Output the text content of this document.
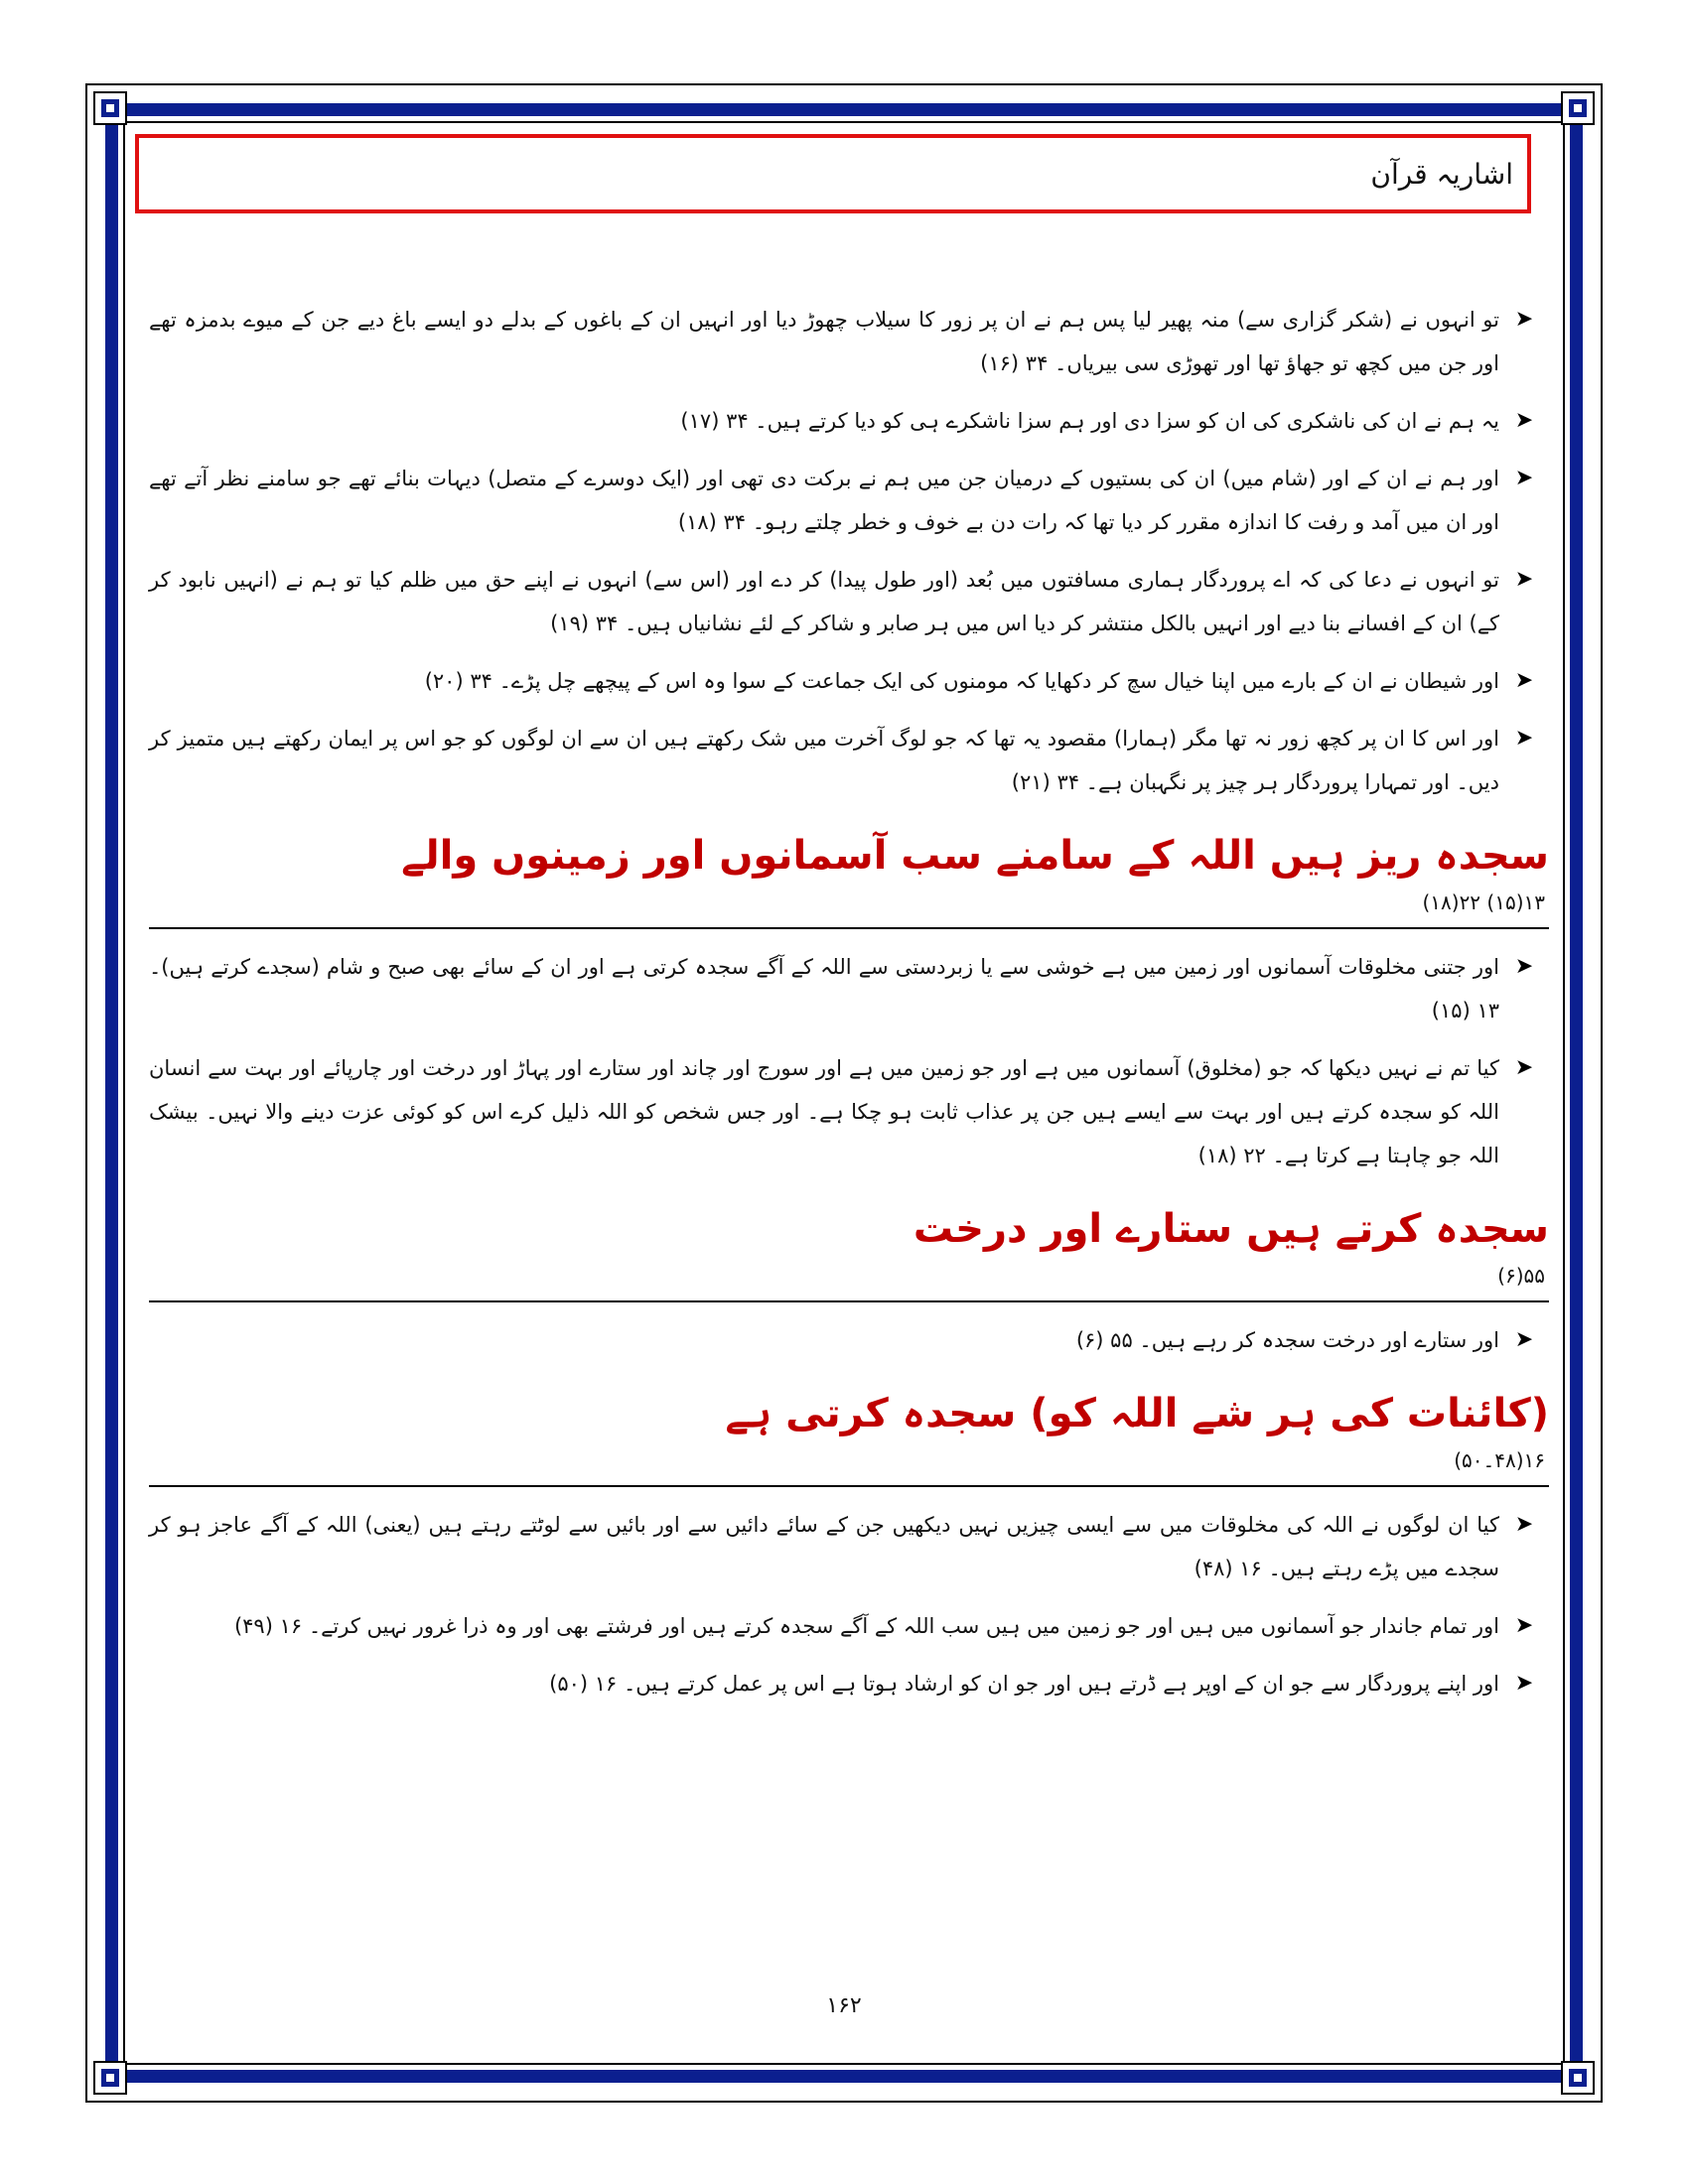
اشاریہ قرآن
➤
تو انہوں نے (شکر گزاری سے) منہ پھیر لیا پس ہم نے ان پر زور کا سیلاب چھوڑ دیا اور انہیں ان کے باغوں کے بدلے دو ایسے باغ دیے جن کے میوے بدمزہ تھے اور جن میں کچھ تو جھاؤ تھا اور تھوڑی سی بیریاں۔ ۳۴ (۱۶)
➤
یہ ہم نے ان کی ناشکری کی ان کو سزا دی اور ہم سزا ناشکرے ہی کو دیا کرتے ہیں۔ ۳۴ (۱۷)
➤
اور ہم نے ان کے اور (شام میں) ان کی بستیوں کے درمیان جن میں ہم نے برکت دی تھی اور (ایک دوسرے کے متصل) دیہات بنائے تھے جو سامنے نظر آتے تھے اور ان میں آمد و رفت کا اندازہ مقرر کر دیا تھا کہ رات دن بے خوف و خطر چلتے رہو۔ ۳۴ (۱۸)
➤
تو انہوں نے دعا کی کہ اے پروردگار ہماری مسافتوں میں بُعد (اور طول پیدا) کر دے اور (اس سے) انہوں نے اپنے حق میں ظلم کیا تو ہم نے (انہیں نابود کر کے) ان کے افسانے بنا دیے اور انہیں بالکل منتشر کر دیا اس میں ہر صابر و شاکر کے لئے نشانیاں ہیں۔ ۳۴ (۱۹)
➤
اور شیطان نے ان کے بارے میں اپنا خیال سچ کر دکھایا کہ مومنوں کی ایک جماعت کے سوا وہ اس کے پیچھے چل پڑے۔ ۳۴ (۲۰)
➤
اور اس کا ان پر کچھ زور نہ تھا مگر (ہمارا) مقصود یہ تھا کہ جو لوگ آخرت میں شک رکھتے ہیں ان سے ان لوگوں کو جو اس پر ایمان رکھتے ہیں متمیز کر دیں۔ اور تمہارا پروردگار ہر چیز پر نگہبان ہے۔ ۳۴ (۲۱)
سجدہ ریز ہیں اللہ کے سامنے سب آسمانوں اور زمینوں والے
۱۳(۱۵) ۲۲(۱۸)
➤
اور جتنی مخلوقات آسمانوں اور زمین میں ہے خوشی سے یا زبردستی سے اللہ کے آگے سجدہ کرتی ہے اور ان کے سائے بھی صبح و شام (سجدے کرتے ہیں)۔ ۱۳ (۱۵)
➤
کیا تم نے نہیں دیکھا کہ جو (مخلوق) آسمانوں میں ہے اور جو زمین میں ہے اور سورج اور چاند اور ستارے اور پہاڑ اور درخت اور چارپائے اور بہت سے انسان اللہ کو سجدہ کرتے ہیں اور بہت سے ایسے ہیں جن پر عذاب ثابت ہو چکا ہے۔ اور جس شخص کو اللہ ذلیل کرے اس کو کوئی عزت دینے والا نہیں۔ بیشک اللہ جو چاہتا ہے کرتا ہے۔ ۲۲ (۱۸)
سجدہ کرتے ہیں ستارے اور درخت
۵۵(۶)
➤
اور ستارے اور درخت سجدہ کر رہے ہیں۔ ۵۵ (۶)
(کائنات کی ہر شے اللہ کو) سجدہ کرتی ہے
۱۶(۴۸۔۵۰)
➤
کیا ان لوگوں نے اللہ کی مخلوقات میں سے ایسی چیزیں نہیں دیکھیں جن کے سائے دائیں سے اور بائیں سے لوٹتے رہتے ہیں (یعنی) اللہ کے آگے عاجز ہو کر سجدے میں پڑے رہتے ہیں۔ ۱۶ (۴۸)
➤
اور تمام جاندار جو آسمانوں میں ہیں اور جو زمین میں ہیں سب اللہ کے آگے سجدہ کرتے ہیں اور فرشتے بھی اور وہ ذرا غرور نہیں کرتے۔ ۱۶ (۴۹)
➤
اور اپنے پروردگار سے جو ان کے اوپر ہے ڈرتے ہیں اور جو ان کو ارشاد ہوتا ہے اس پر عمل کرتے ہیں۔ ۱۶ (۵۰)
۱۶۲
